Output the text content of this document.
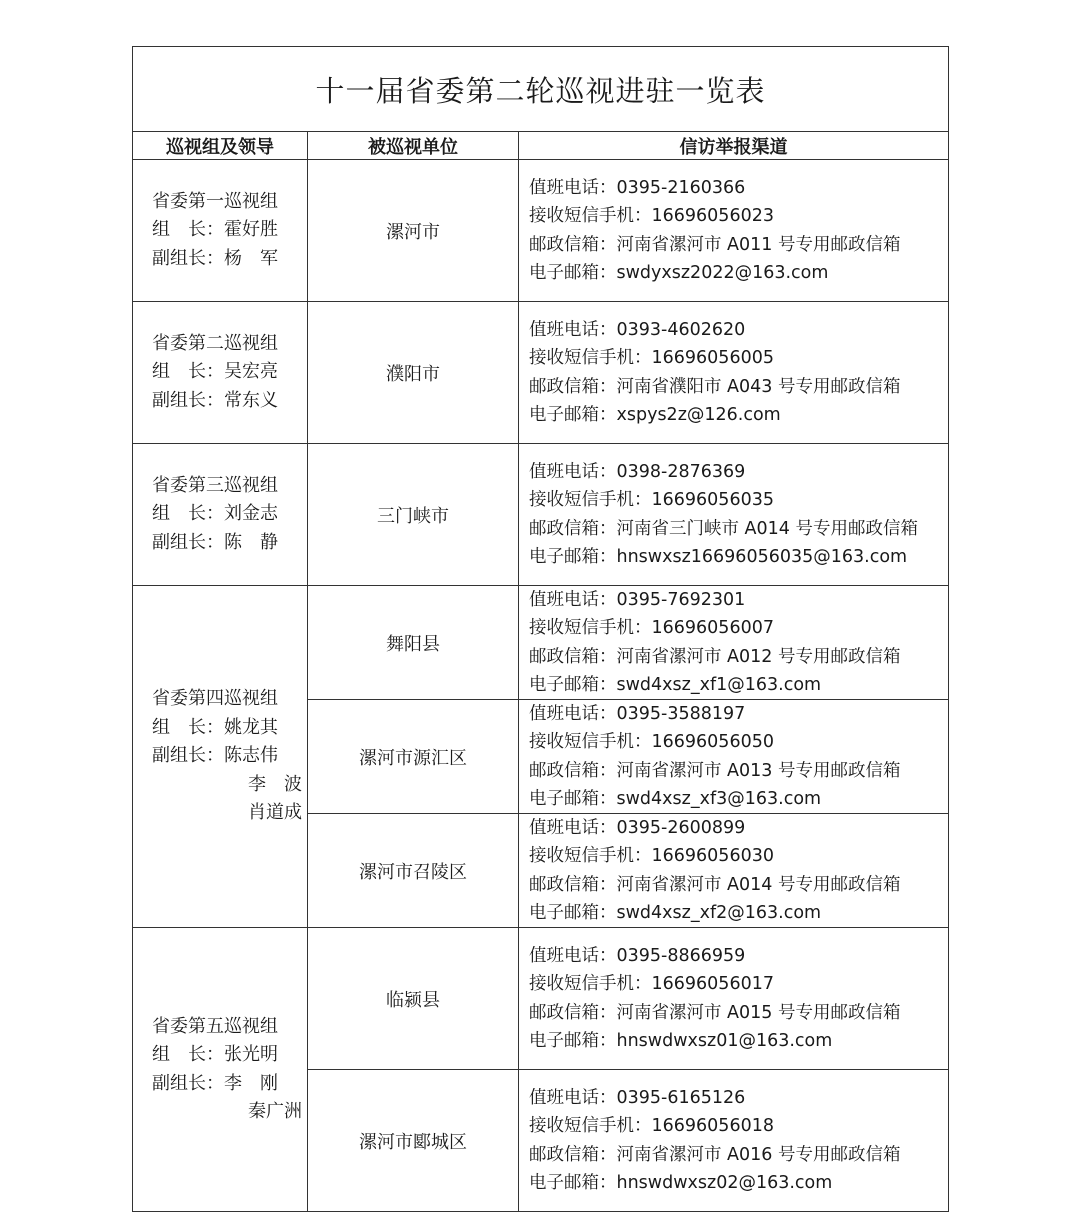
十一届省委第二轮巡视进驻一览表		
巡视组及领导	被巡视单位	信访举报渠道

省委第一巡视组
组　长：霍好胜
副组长：杨　军	漯河市	值班电话：0395-2160366
接收短信手机：16696056023
邮政信箱：河南省漯河市 A011 号专用邮政信箱
电子邮箱：swdyxsz2022@163.com

省委第二巡视组
组　长：吴宏亮
副组长：常东义	濮阳市	值班电话：0393-4602620
接收短信手机：16696056005
邮政信箱：河南省濮阳市 A043 号专用邮政信箱
电子邮箱：xspys2z@126.com

省委第三巡视组
组　长：刘金志
副组长：陈　静	三门峡市	值班电话：0398-2876369
接收短信手机：16696056035
邮政信箱：河南省三门峡市 A014 号专用邮政信箱
电子邮箱：hnswxsz16696056035@163.com

省委第四巡视组
组　长：姚龙其
副组长：陈志伟
李　波
肖道成	舞阳县	值班电话：0395-7692301
接收短信手机：16696056007
邮政信箱：河南省漯河市 A012 号专用邮政信箱
电子邮箱：swd4xsz_xf1@163.com

	漯河市源汇区	值班电话：0395-3588197
接收短信手机：16696056050
邮政信箱：河南省漯河市 A013 号专用邮政信箱
电子邮箱：swd4xsz_xf3@163.com

	漯河市召陵区	值班电话：0395-2600899
接收短信手机：16696056030
邮政信箱：河南省漯河市 A014 号专用邮政信箱
电子邮箱：swd4xsz_xf2@163.com

省委第五巡视组
组　长：张光明
副组长：李　刚
秦广洲	临颍县	值班电话：0395-8866959
接收短信手机：16696056017
邮政信箱：河南省漯河市 A015 号专用邮政信箱
电子邮箱：hnswdwxsz01@163.com

	漯河市郾城区	值班电话：0395-6165126
接收短信手机：16696056018
邮政信箱：河南省漯河市 A016 号专用邮政信箱
电子邮箱：hnswdwxsz02@163.com
